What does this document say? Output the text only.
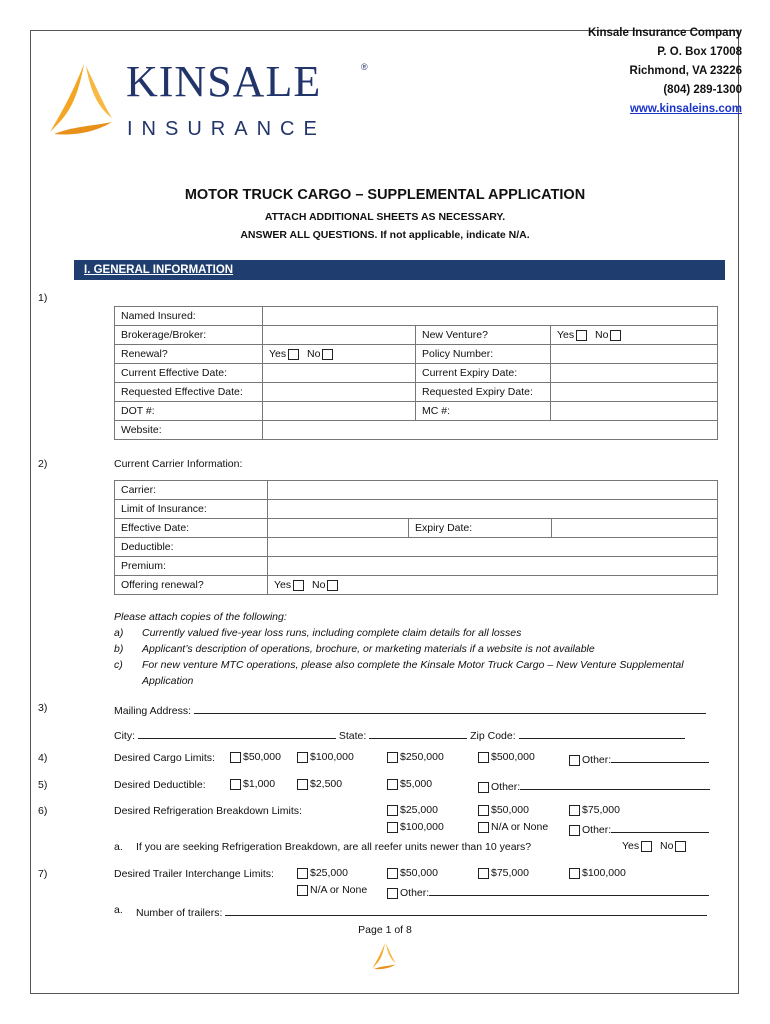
KINSALE	®
INSURANCE
Kinsale Insurance Company
P. O. Box 17008
Richmond, VA 23226
(804) 289-1300
www.kinsaleins.com
MOTOR TRUCK CARGO – SUPPLEMENTAL APPLICATION
ATTACH ADDITIONAL SHEETS AS NECESSARY.
ANSWER ALL QUESTIONS. If not applicable, indicate N/A.
I. GENERAL INFORMATION
1)
Named Insured:			
Brokerage/Broker:		New Venture?	Yes No
Renewal?	Yes No	Policy Number:	
Current Effective Date:		Current Expiry Date:	
Requested Effective Date:		Requested Expiry Date:	
DOT #:		MC #:	
Website:			
2)	Current Carrier Information:
Carrier:			
Limit of Insurance:			
Effective Date:		Expiry Date:	
Deductible:			
Premium:			
Offering renewal?	Yes No		
Please attach copies of the following:
a) Currently valued five-year loss runs, including complete claim details for all losses
b) Applicant’s description of operations, brochure, or marketing materials if a website is not available
c) For new venture MTC operations, please also complete the Kinsale Motor Truck Cargo – New Venture Supplemental
Application
3)	Mailing Address:
City:	State:	Zip Code:
4)	Desired Cargo Limits:	$50,000	$100,000	$250,000	$500,000	Other:
5)	Desired Deductible:	$1,000	$2,500	$5,000	Other:
6)	Desired Refrigeration Breakdown Limits:	$25,000	$50,000	$75,000
$100,000	N/A or None	Other:
a. If you are seeking Refrigeration Breakdown, are all reefer units newer than 10 years?	Yes No
7)	Desired Trailer Interchange Limits:	$25,000	$50,000	$75,000	$100,000
N/A or None	Other:
a. Number of trailers:
Page 1 of 8
